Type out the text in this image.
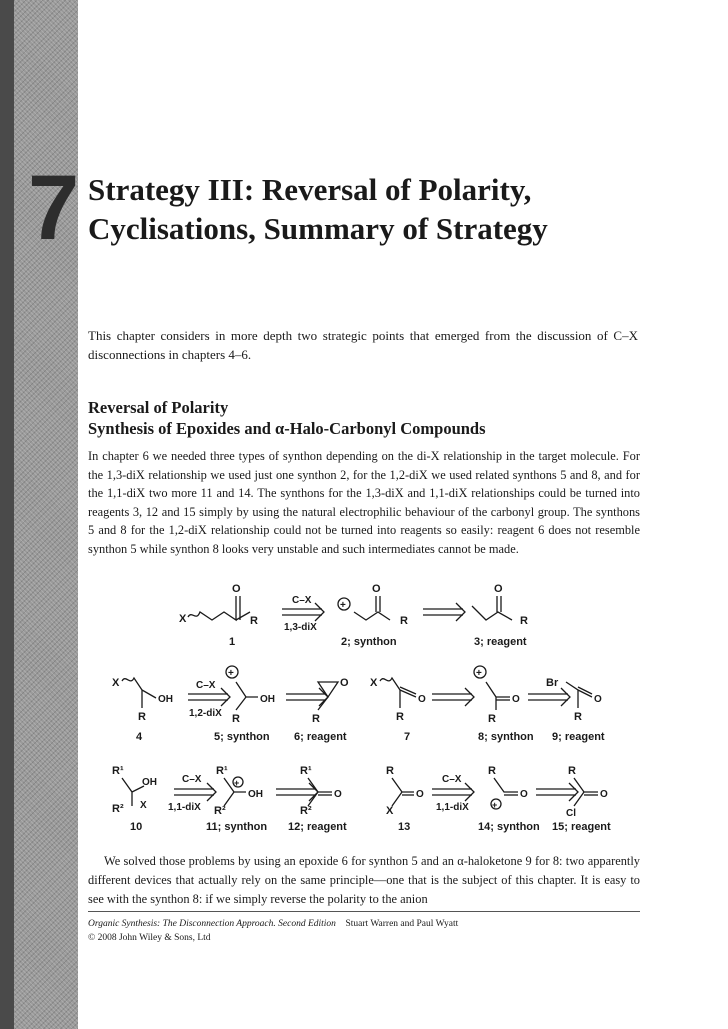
7 Strategy III: Reversal of Polarity,
Cyclisations, Summary of Strategy

This chapter considers in more depth two strategic points that emerged from the discussion of C–X disconnections in chapters 4–6.

Reversal of Polarity
Synthesis of Epoxides and α-Halo-Carbonyl Compounds

In chapter 6 we needed three types of synthon depending on the di-X relationship in the target molecule. For the 1,3-diX relationship we used just one synthon 2, for the 1,2-diX we used related synthons 5 and 8, and for the 1,1-diX two more 11 and 14. The synthons for the 1,3-diX and 1,1-diX relationships could be turned into reagents 3, 12 and 15 simply by using the natural electrophilic behaviour of the carbonyl group. The synthons 5 and 8 for the 1,2-diX relationship could not be turned into reagents so easily: reagent 6 does not resemble synthon 5 while synthon 8 looks very unstable and such intermediates cannot be made.

X
O
R
C–X
1,3-diX
+
O
R
O
R
1	2; synthon	3; reagent
X
OH
R
C–X
1,2-diX
+
OH
R
O
R
X
O
R
+
O
R
Br
O
R
4	5; synthon 6; reagent	7	8; synthon 9; reagent
R¹
OH
X
R²
C–X
1,1-diX
R¹
+
OH
R²
R¹
O
R²
R
O
X
C–X
1,1-diX
R
O
+
R
O
Cl
10	11; synthon 12; reagent	13	14; synthon 15; reagent

We solved those problems by using an epoxide 6 for synthon 5 and an α-haloketone 9 for 8: two apparently different devices that actually rely on the same principle—one that is the subject of this chapter. It is easy to see with the synthon 8: if we simply reverse the polarity to the anion

Organic Synthesis: The Disconnection Approach. Second Edition Stuart Warren and Paul Wyatt

© 2008 John Wiley & Sons, Ltd
